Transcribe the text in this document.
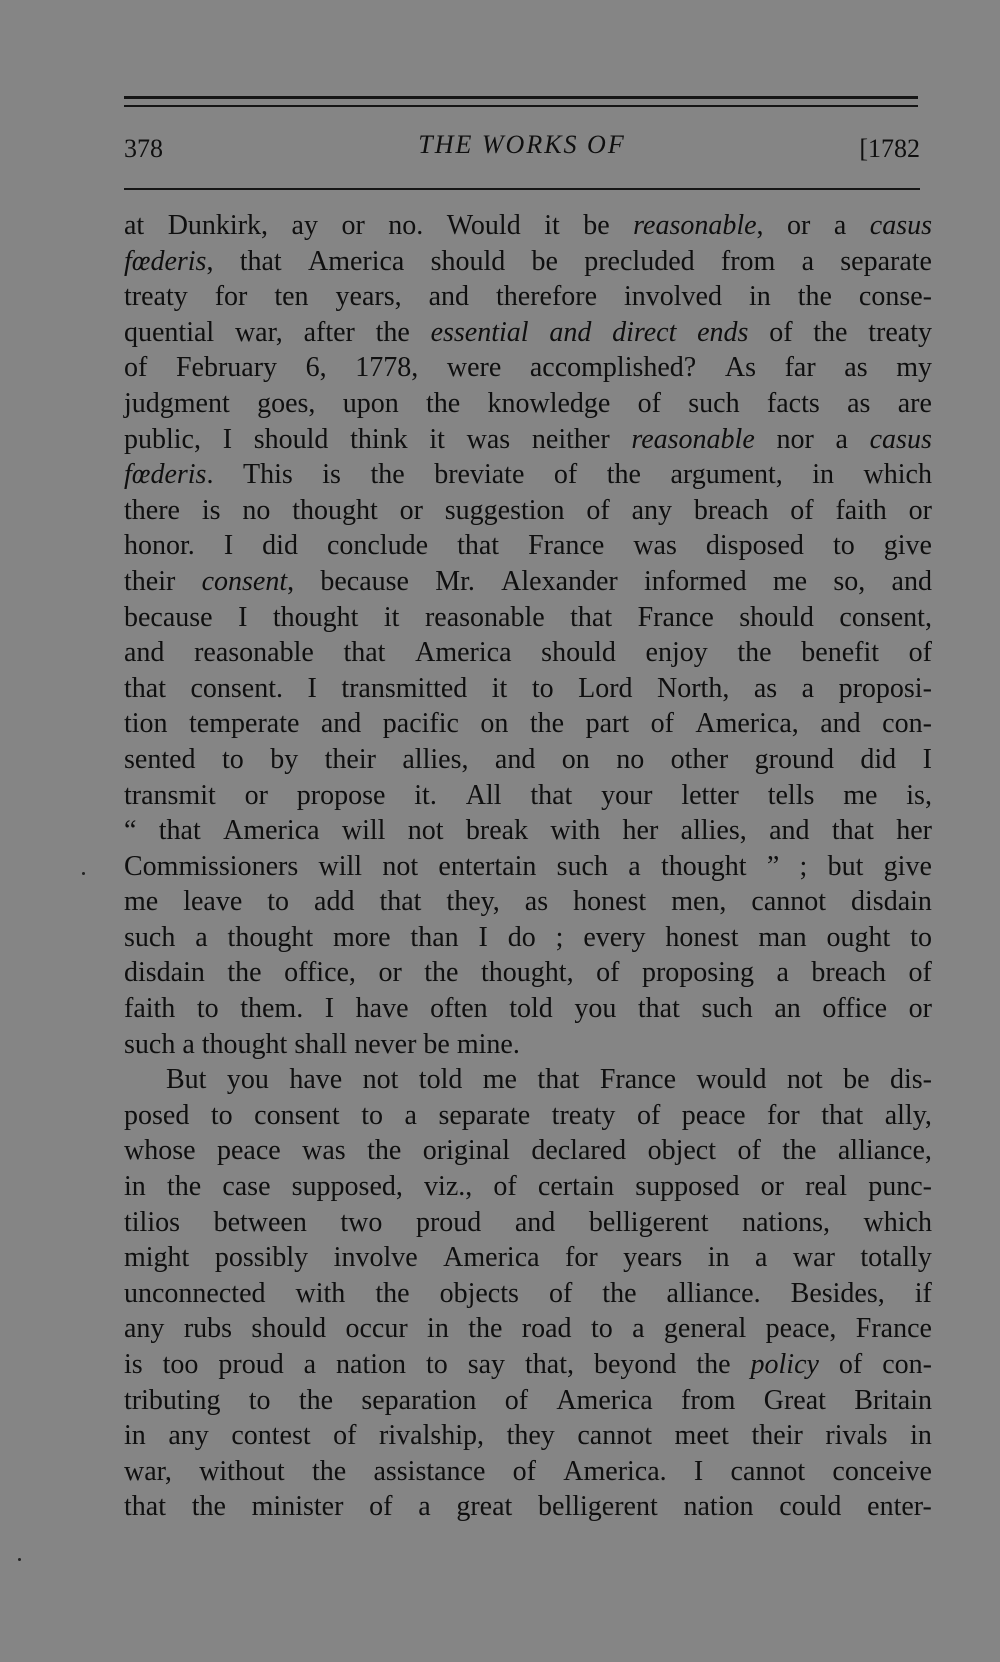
378	THE WORKS OF	[1782
at Dunkirk, ay or no. Would it be reasonable, or a casus
fœderis, that America should be precluded from a separate
treaty for ten years, and therefore involved in the conse-
quential war, after the essential and direct ends of the treaty
of February 6, 1778, were accomplished? As far as my
judgment goes, upon the knowledge of such facts as are
public, I should think it was neither reasonable nor a casus
fœderis. This is the breviate of the argument, in which
there is no thought or suggestion of any breach of faith or
honor. I did conclude that France was disposed to give
their consent, because Mr. Alexander informed me so, and
because I thought it reasonable that France should consent,
and reasonable that America should enjoy the benefit of
that consent. I transmitted it to Lord North, as a proposi-
tion temperate and pacific on the part of America, and con-
sented to by their allies, and on no other ground did I
transmit or propose it. All that your letter tells me is,
“ that America will not break with her allies, and that her
Commissioners will not entertain such a thought ” ; but give
me leave to add that they, as honest men, cannot disdain
such a thought more than I do ; every honest man ought to
disdain the office, or the thought, of proposing a breach of
faith to them. I have often told you that such an office or
such
a
thought
shall
never
be
mine.
But you have not told me that France would not be dis-
posed to consent to a separate treaty of peace for that ally,
whose peace was the original declared object of the alliance,
in the case supposed, viz., of certain supposed or real punc-
tilios between two proud and belligerent nations, which
might possibly involve America for years in a war totally
unconnected with the objects of the alliance. Besides, if
any rubs should occur in the road to a general peace, France
is too proud a nation to say that, beyond the policy of con-
tributing to the separation of America from Great Britain
in any contest of rivalship, they cannot meet their rivals in
war, without the assistance of America. I cannot conceive
that the minister of a great belligerent nation could enter-
